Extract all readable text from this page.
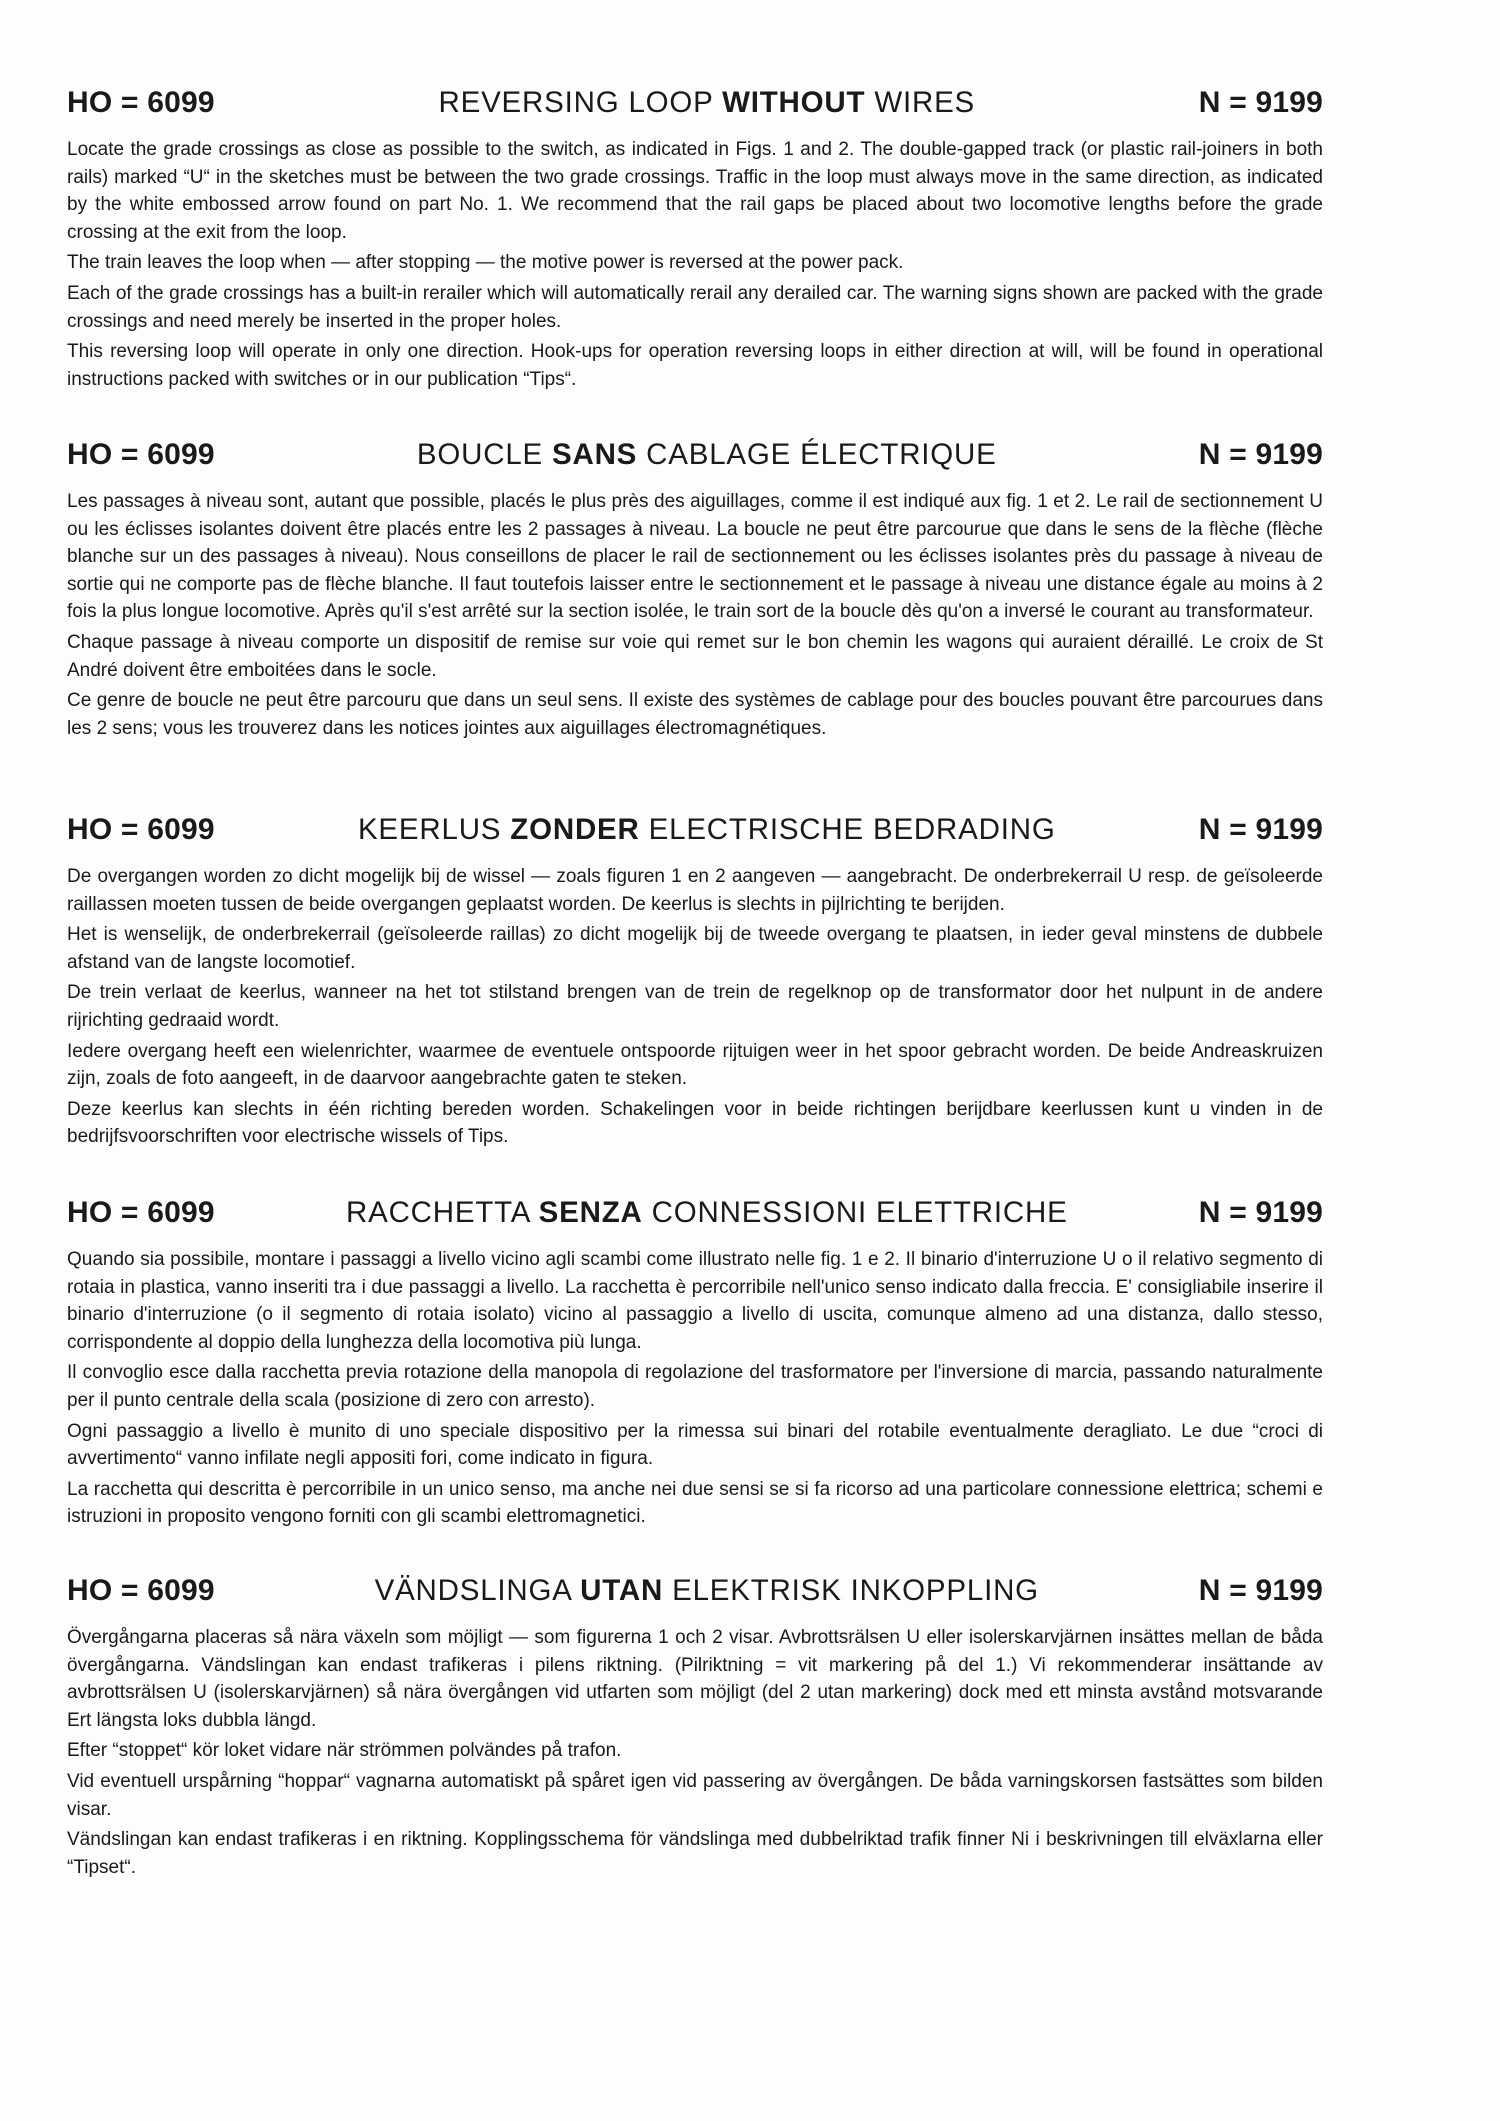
HO = 6099	REVERSING LOOP WITHOUT WIRES	N = 9199

Locate the grade crossings as close as possible to the switch, as indicated in Figs. 1 and 2. The double-gapped track (or plastic rail-joiners in both rails) marked “U“ in the sketches must be between the two grade crossings. Traffic in the loop must always move in the same direction, as indicated by the white embossed arrow found on part No. 1. We recommend that the rail gaps be placed about two locomotive lengths before the grade crossing at the exit from the loop.

The train leaves the loop when — after stopping — the motive power is reversed at the power pack.

Each of the grade crossings has a built-in rerailer which will automatically rerail any derailed car. The warning signs shown are packed with the grade crossings and need merely be inserted in the proper holes.

This reversing loop will operate in only one direction. Hook-ups for operation reversing loops in either direction at will, will be found in operational instructions packed with switches or in our publication “Tips“.

HO = 6099	BOUCLE SANS CABLAGE ÉLECTRIQUE	N = 9199

Les passages à niveau sont, autant que possible, placés le plus près des aiguillages, comme il est indiqué aux fig. 1 et 2. Le rail de sectionnement U ou les éclisses isolantes doivent être placés entre les 2 passages à niveau. La boucle ne peut être parcourue que dans le sens de la flèche (flèche blanche sur un des passages à niveau). Nous conseillons de placer le rail de sectionnement ou les éclisses isolantes près du passage à niveau de sortie qui ne comporte pas de flèche blanche. Il faut toutefois laisser entre le sectionnement et le passage à niveau une distance égale au moins à 2 fois la plus longue locomotive. Après qu'il s'est arrêté sur la section isolée, le train sort de la boucle dès qu'on a inversé le courant au transformateur.

Chaque passage à niveau comporte un dispositif de remise sur voie qui remet sur le bon chemin les wagons qui auraient déraillé. Le croix de St André doivent être emboitées dans le socle.

Ce genre de boucle ne peut être parcouru que dans un seul sens. Il existe des systèmes de cablage pour des boucles pouvant être parcourues dans les 2 sens; vous les trouverez dans les notices jointes aux aiguillages électromagnétiques.

HO = 6099	KEERLUS ZONDER ELECTRISCHE BEDRADING	N = 9199

De overgangen worden zo dicht mogelijk bij de wissel — zoals figuren 1 en 2 aangeven — aangebracht. De onderbrekerrail U resp. de geïsoleerde raillassen moeten tussen de beide overgangen geplaatst worden. De keerlus is slechts in pijlrichting te berijden.

Het is wenselijk, de onderbrekerrail (geïsoleerde raillas) zo dicht mogelijk bij de tweede overgang te plaatsen, in ieder geval minstens de dubbele afstand van de langste locomotief.

De trein verlaat de keerlus, wanneer na het tot stilstand brengen van de trein de regelknop op de transformator door het nulpunt in de andere rijrichting gedraaid wordt.

Iedere overgang heeft een wielenrichter, waarmee de eventuele ontspoorde rijtuigen weer in het spoor gebracht worden. De beide Andreaskruizen zijn, zoals de foto aangeeft, in de daarvoor aangebrachte gaten te steken.

Deze keerlus kan slechts in één richting bereden worden. Schakelingen voor in beide richtingen berijdbare keerlussen kunt u vinden in de bedrijfsvoorschriften voor electrische wissels of Tips.

HO = 6099	RACCHETTA SENZA CONNESSIONI ELETTRICHE	N = 9199

Quando sia possibile, montare i passaggi a livello vicino agli scambi come illustrato nelle fig. 1 e 2. Il binario d'interruzione U o il relativo segmento di rotaia in plastica, vanno inseriti tra i due passaggi a livello. La racchetta è percorribile nell'unico senso indicato dalla freccia. E' consigliabile inserire il binario d'interruzione (o il segmento di rotaia isolato) vicino al passaggio a livello di uscita, comunque almeno ad una distanza, dallo stesso, corrispondente al doppio della lunghezza della locomotiva più lunga.

Il convoglio esce dalla racchetta previa rotazione della manopola di regolazione del trasformatore per l'inversione di marcia, passando naturalmente per il punto centrale della scala (posizione di zero con arresto).

Ogni passaggio a livello è munito di uno speciale dispositivo per la rimessa sui binari del rotabile eventualmente deragliato. Le due “croci di avvertimento“ vanno infilate negli appositi fori, come indicato in figura.

La racchetta qui descritta è percorribile in un unico senso, ma anche nei due sensi se si fa ricorso ad una particolare connessione elettrica; schemi e istruzioni in proposito vengono forniti con gli scambi elettromagnetici.

HO = 6099	VÄNDSLINGA UTAN ELEKTRISK INKOPPLING	N = 9199

Övergångarna placeras så nära växeln som möjligt — som figurerna 1 och 2 visar. Avbrottsrälsen U eller isolerskarvjärnen insättes mellan de båda övergångarna. Vändslingan kan endast trafikeras i pilens riktning. (Pilriktning = vit markering på del 1.) Vi rekommenderar insättande av avbrottsrälsen U (isolerskarvjärnen) så nära övergången vid utfarten som möjligt (del 2 utan markering) dock med ett minsta avstånd motsvarande Ert längsta loks dubbla längd.

Efter “stoppet“ kör loket vidare när strömmen polvändes på trafon.

Vid eventuell urspårning “hoppar“ vagnarna automatiskt på spåret igen vid passering av övergången. De båda varningskorsen fastsättes som bilden visar.

Vändslingan kan endast trafikeras i en riktning. Kopplingsschema för vändslinga med dubbelriktad trafik finner Ni i beskrivningen till elväxlarna eller “Tipset“.
